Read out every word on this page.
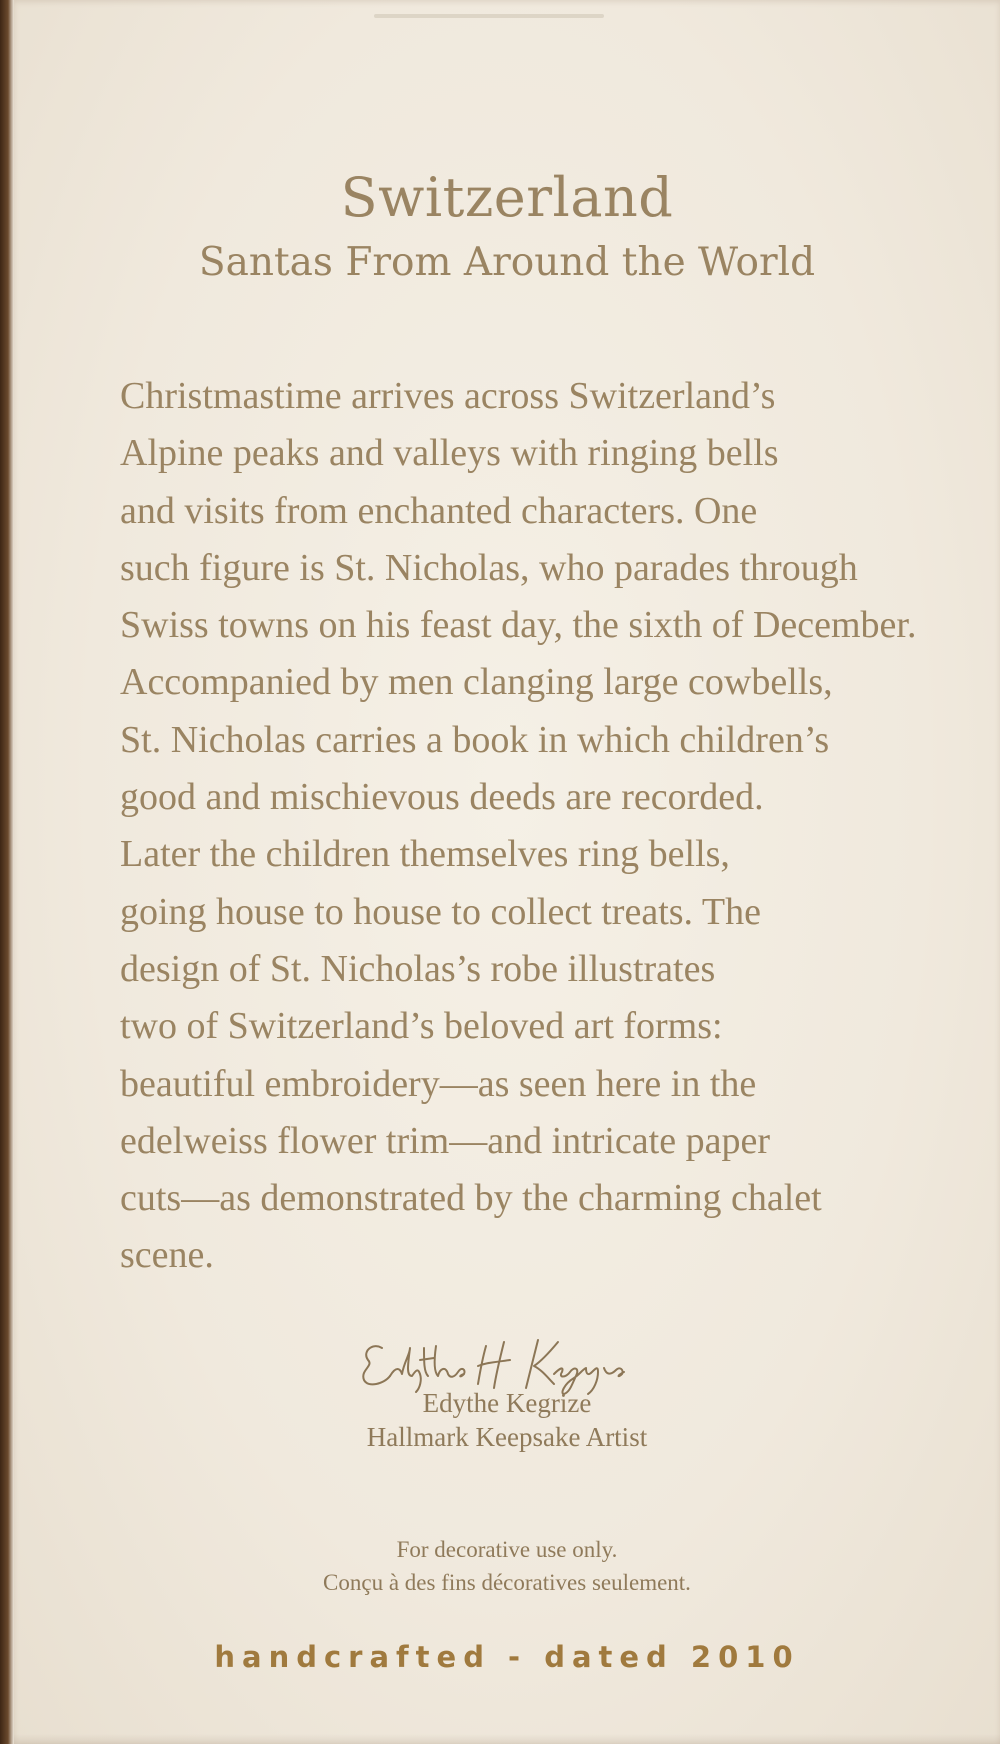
Switzerland
Santas From Around the World
Christmastime arrives across Switzerland’s
Alpine peaks and valleys with ringing bells
and visits from enchanted characters. One
such figure is St. Nicholas, who parades through
Swiss towns on his feast day, the sixth of December.
Accompanied by men clanging large cowbells,
St. Nicholas carries a book in which children’s
good and mischievous deeds are recorded.
Later the children themselves ring bells,
going house to house to collect treats. The
design of St. Nicholas’s robe illustrates
two of Switzerland’s beloved art forms:
beautiful embroidery—as seen here in the
edelweiss flower trim—and intricate paper
cuts—as demonstrated by the charming chalet
scene.
Edythe Kegrize
Hallmark Keepsake Artist
For decorative use only.
Conçu à des fins décoratives seulement.
handcrafted - dated 2010
